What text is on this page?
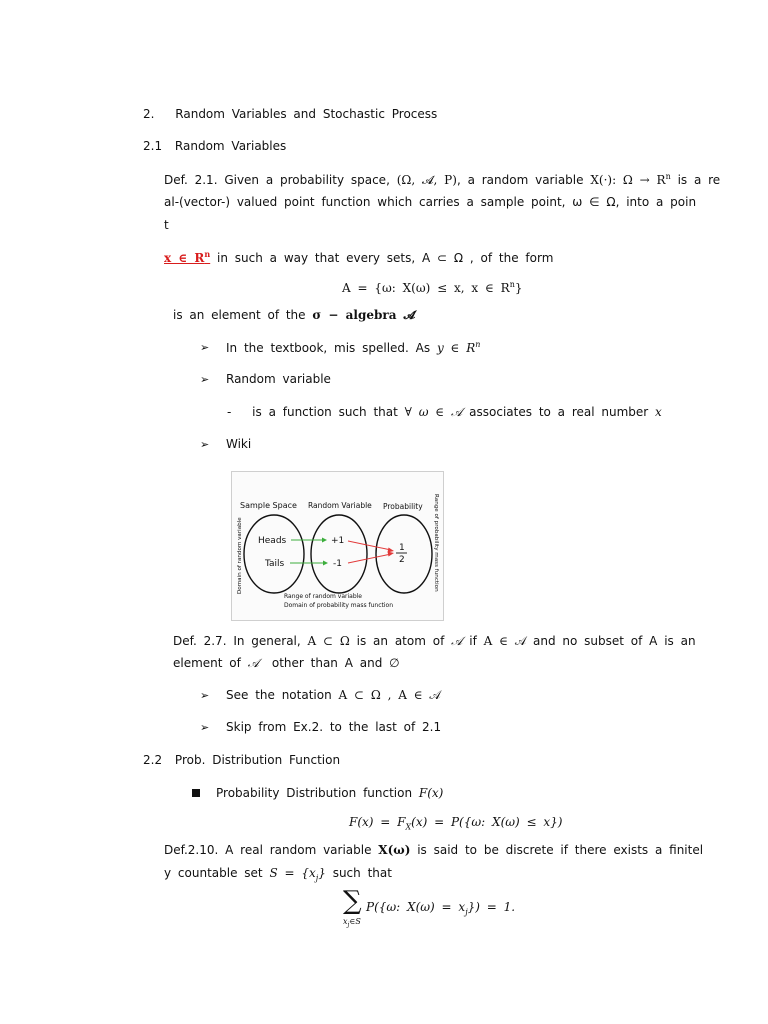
2. Random Variables and Stochastic Process
2.1 Random Variables
Def. 2.1. Given a probability space, (Ω, 𝓐, P), a random variable X(·): $\Omega \to R^n$ is a re
al-(vector-) valued point function which carries a sample point, ω ∈ Ω, into a poin
t
x ∈ $R^n$ in such a way that every sets, A ⊂ Ω , of the form
A = {ω: X(ω) ≤ x, x ∈ $R^n$}
is an element of the σ − algebra 𝓐
➢ In the textbook, mis spelled. As y ∈ $R^n$
➢ Random variable
- is a function such that ∀ ω ∈ 𝒜 associates to a real number x
➢ Wiki
Sample Space Random Variable Probability
Heads
Tails
+1
-1
1
2
Domain of random variable	Range of probability mass function
Range of random variable
Domain of probability mass function
Def. 2.7. In general, A ⊂ Ω is an atom of 𝒜 if A ∈ 𝒜 and no subset of A is an
element of 𝒜 other than A and ∅
➢ See the notation A ⊂ Ω , A ∈ 𝒜
➢ Skip from Ex.2. to the last of 2.1
2.2 Prob. Distribution Function
Probability Distribution function F(x)
$F(x) = F_X(x) = P(\{\omega$: X(ω) ≤ x})
Def.2.10. A real random variable X(ω) is said to be discrete if there exists a finitel
y countable set $S = \{x_j\}$ such that
∑
$x_j\in S$
P({ω: $X(\omega) = x_j\}) = 1$.
